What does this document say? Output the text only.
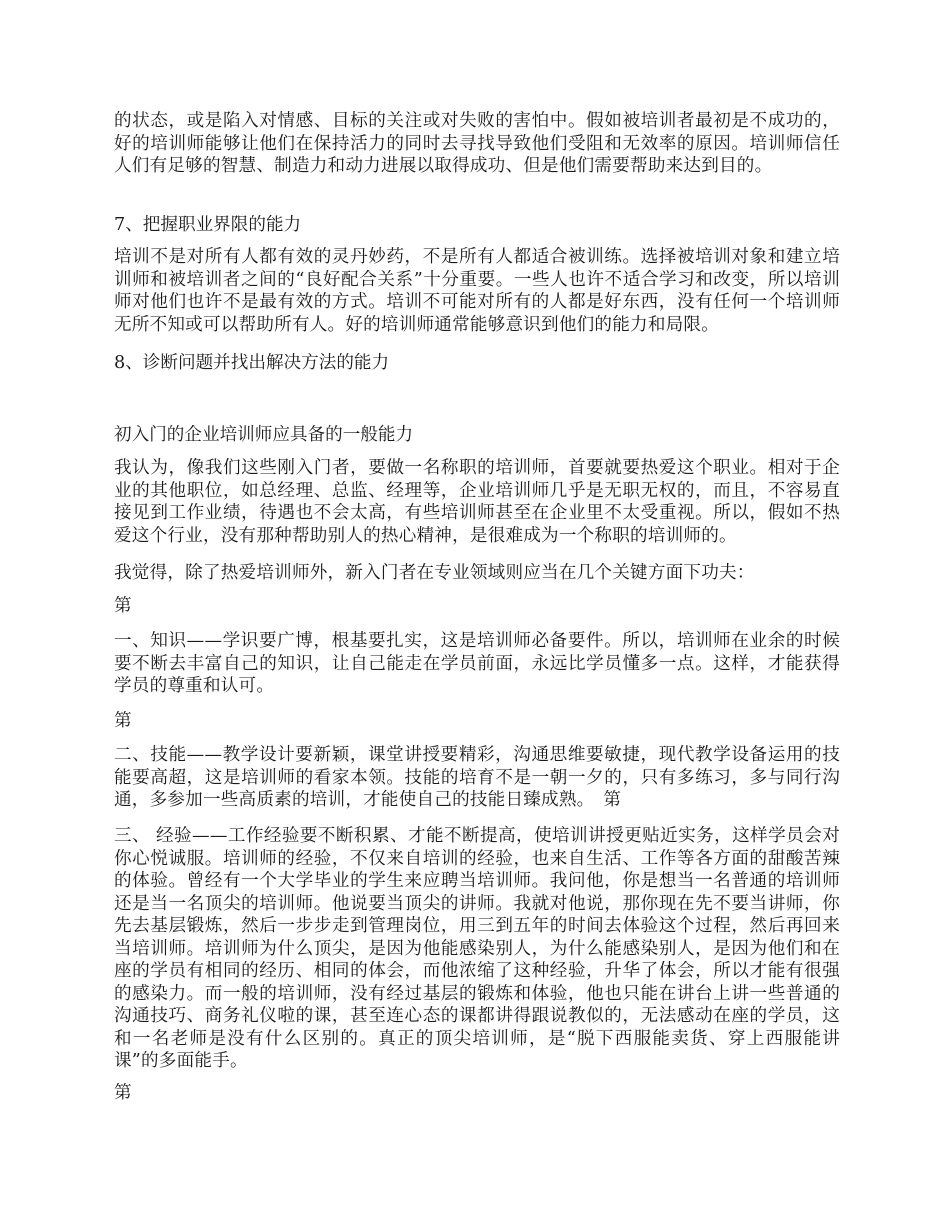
的状态，或是陷入对情感、目标的关注或对失败的害怕中。假如被培训者最初是不成功的，好的培训师能够让他们在保持活力的同时去寻找导致他们受阻和无效率的原因。培训师信任人们有足够的智慧、制造力和动力进展以取得成功、但是他们需要帮助来达到目的。

7、把握职业界限的能力

培训不是对所有人都有效的灵丹妙药，不是所有人都适合被训练。选择被培训对象和建立培训师和被培训者之间的“良好配合关系”十分重要。一些人也许不适合学习和改变，所以培训师对他们也许不是最有效的方式。培训不可能对所有的人都是好东西，没有任何一个培训师无所不知或可以帮助所有人。好的培训师通常能够意识到他们的能力和局限。

8、诊断问题并找出解决方法的能力

初入门的企业培训师应具备的一般能力

我认为，像我们这些刚入门者，要做一名称职的培训师，首要就要热爱这个职业。相对于企业的其他职位，如总经理、总监、经理等，企业培训师几乎是无职无权的，而且，不容易直接见到工作业绩，待遇也不会太高，有些培训师甚至在企业里不太受重视。所以，假如不热爱这个行业，没有那种帮助别人的热心精神，是很难成为一个称职的培训师的。

我觉得，除了热爱培训师外，新入门者在专业领域则应当在几个关键方面下功夫：

第

一、知识——学识要广博，根基要扎实，这是培训师必备要件。所以，培训师在业余的时候要不断去丰富自己的知识，让自己能走在学员前面，永远比学员懂多一点。这样，才能获得学员的尊重和认可。

第

二、技能——教学设计要新颖，课堂讲授要精彩，沟通思维要敏捷，现代教学设备运用的技能要高超，这是培训师的看家本领。技能的培育不是一朝一夕的，只有多练习，多与同行沟通，多参加一些高质素的培训，才能使自己的技能日臻成熟。　第

三、 经验——工作经验要不断积累、才能不断提高，使培训讲授更贴近实务，这样学员会对你心悦诚服。培训师的经验，不仅来自培训的经验，也来自生活、工作等各方面的甜酸苦辣的体验。曾经有一个大学毕业的学生来应聘当培训师。我问他，你是想当一名普通的培训师还是当一名顶尖的培训师。他说要当顶尖的讲师。我就对他说，那你现在先不要当讲师，你先去基层锻炼，然后一步步走到管理岗位，用三到五年的时间去体验这个过程，然后再回来当培训师。培训师为什么顶尖，是因为他能感染别人，为什么能感染别人，是因为他们和在座的学员有相同的经历、相同的体会，而他浓缩了这种经验，升华了体会，所以才能有很强的感染力。而一般的培训师，没有经过基层的锻炼和体验，他也只能在讲台上讲一些普通的沟通技巧、商务礼仪啦的课，甚至连心态的课都讲得跟说教似的，无法感动在座的学员，这和一名老师是没有什么区别的。真正的顶尖培训师，是“脱下西服能卖货、穿上西服能讲课”的多面能手。

第
